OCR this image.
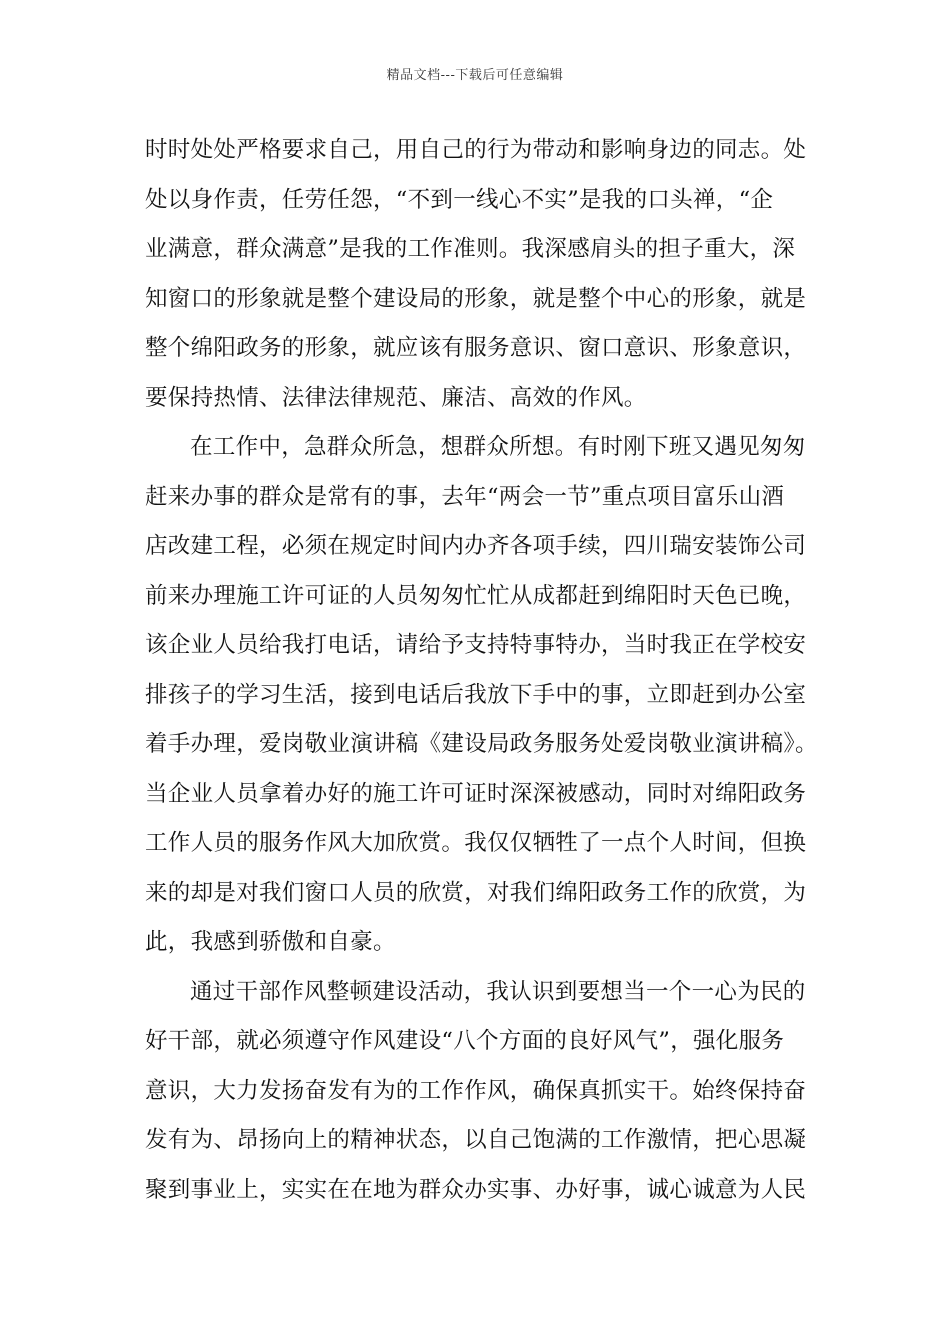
精品文档---下载后可任意编辑
时时处处严格要求自己，用自己的行为带动和影响身边的同志。处
处以身作责，任劳任怨，“不到一线心不实”是我的口头禅，“企
业满意，群众满意”是我的工作准则。我深感肩头的担子重大，深
知窗口的形象就是整个建设局的形象，就是整个中心的形象，就是
整个绵阳政务的形象，就应该有服务意识、窗口意识、形象意识，
要保持热情、法律法律规范、廉洁、高效的作风。
在工作中，急群众所急，想群众所想。有时刚下班又遇见匆匆
赶来办事的群众是常有的事，去年“两会一节”重点项目富乐山酒
店改建工程，必须在规定时间内办齐各项手续，四川瑞安装饰公司
前来办理施工许可证的人员匆匆忙忙从成都赶到绵阳时天色已晚，
该企业人员给我打电话，请给予支持特事特办，当时我正在学校安
排孩子的学习生活，接到电话后我放下手中的事，立即赶到办公室
着手办理，爱岗敬业演讲稿《建设局政务服务处爱岗敬业演讲稿》。
当企业人员拿着办好的施工许可证时深深被感动，同时对绵阳政务
工作人员的服务作风大加欣赏。我仅仅牺牲了一点个人时间，但换
来的却是对我们窗口人员的欣赏，对我们绵阳政务工作的欣赏，为
此，我感到骄傲和自豪。
通过干部作风整顿建设活动，我认识到要想当一个一心为民的
好干部，就必须遵守作风建设“八个方面的良好风气”，强化服务
意识，大力发扬奋发有为的工作作风，确保真抓实干。始终保持奋
发有为、昂扬向上的精神状态，以自己饱满的工作激情，把心思凝
聚到事业上，实实在在地为群众办实事、办好事，诚心诚意为人民
